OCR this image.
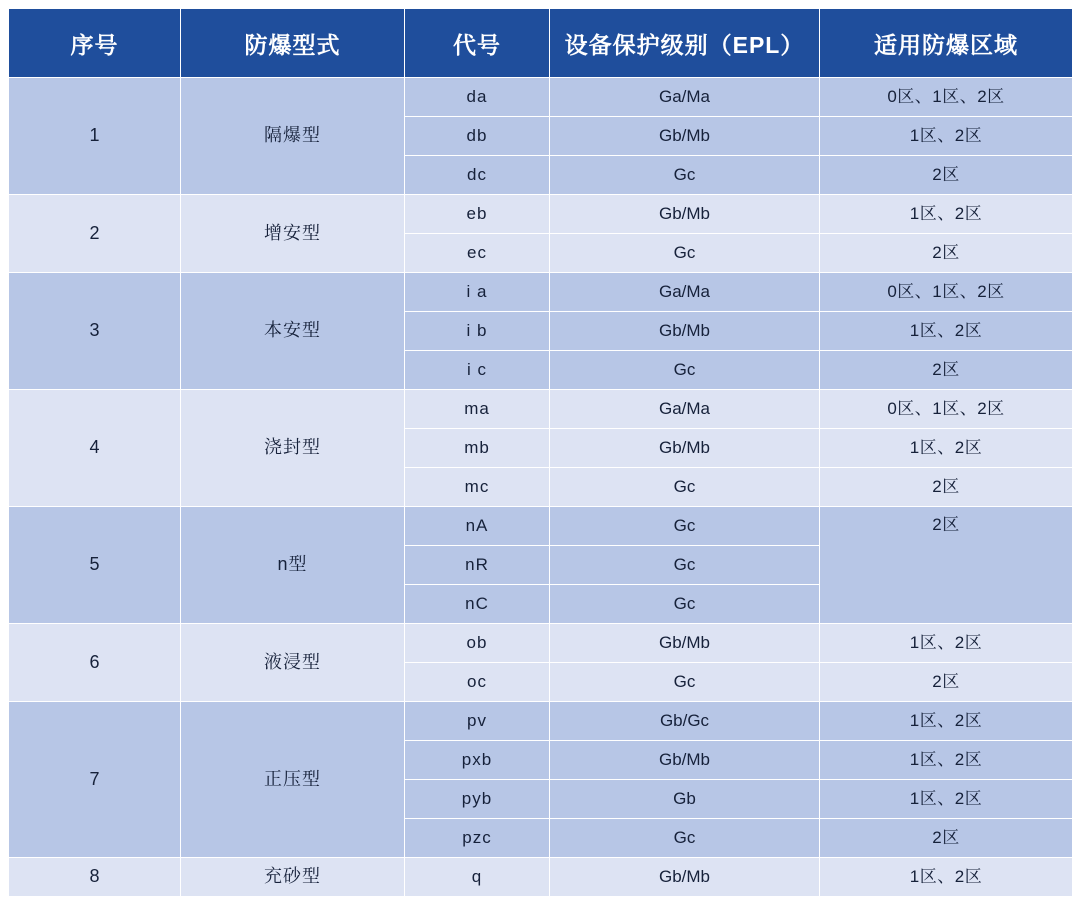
序号	防爆型式	代号	设备保护级别（EPL）	适用防爆区域
1	隔爆型	da	Ga/Ma	0区、1区、2区
		db	Gb/Mb	1区、2区
		dc	Gc	2区
2	增安型	eb	Gb/Mb	1区、2区
		ec	Gc	2区
3	本安型	i a	Ga/Ma	0区、1区、2区
		i b	Gb/Mb	1区、2区
		i c	Gc	2区
4	浇封型	ma	Ga/Ma	0区、1区、2区
		mb	Gb/Mb	1区、2区
		mc	Gc	2区
5	n型	nA	Gc	2区
		nR	Gc	
		nC	Gc	
6	液浸型	ob	Gb/Mb	1区、2区
		oc	Gc	2区
7	正压型	pv	Gb/Gc	1区、2区
		pxb	Gb/Mb	1区、2区
		pyb	Gb	1区、2区
		pzc	Gc	2区
8	充砂型	q	Gb/Mb	1区、2区
